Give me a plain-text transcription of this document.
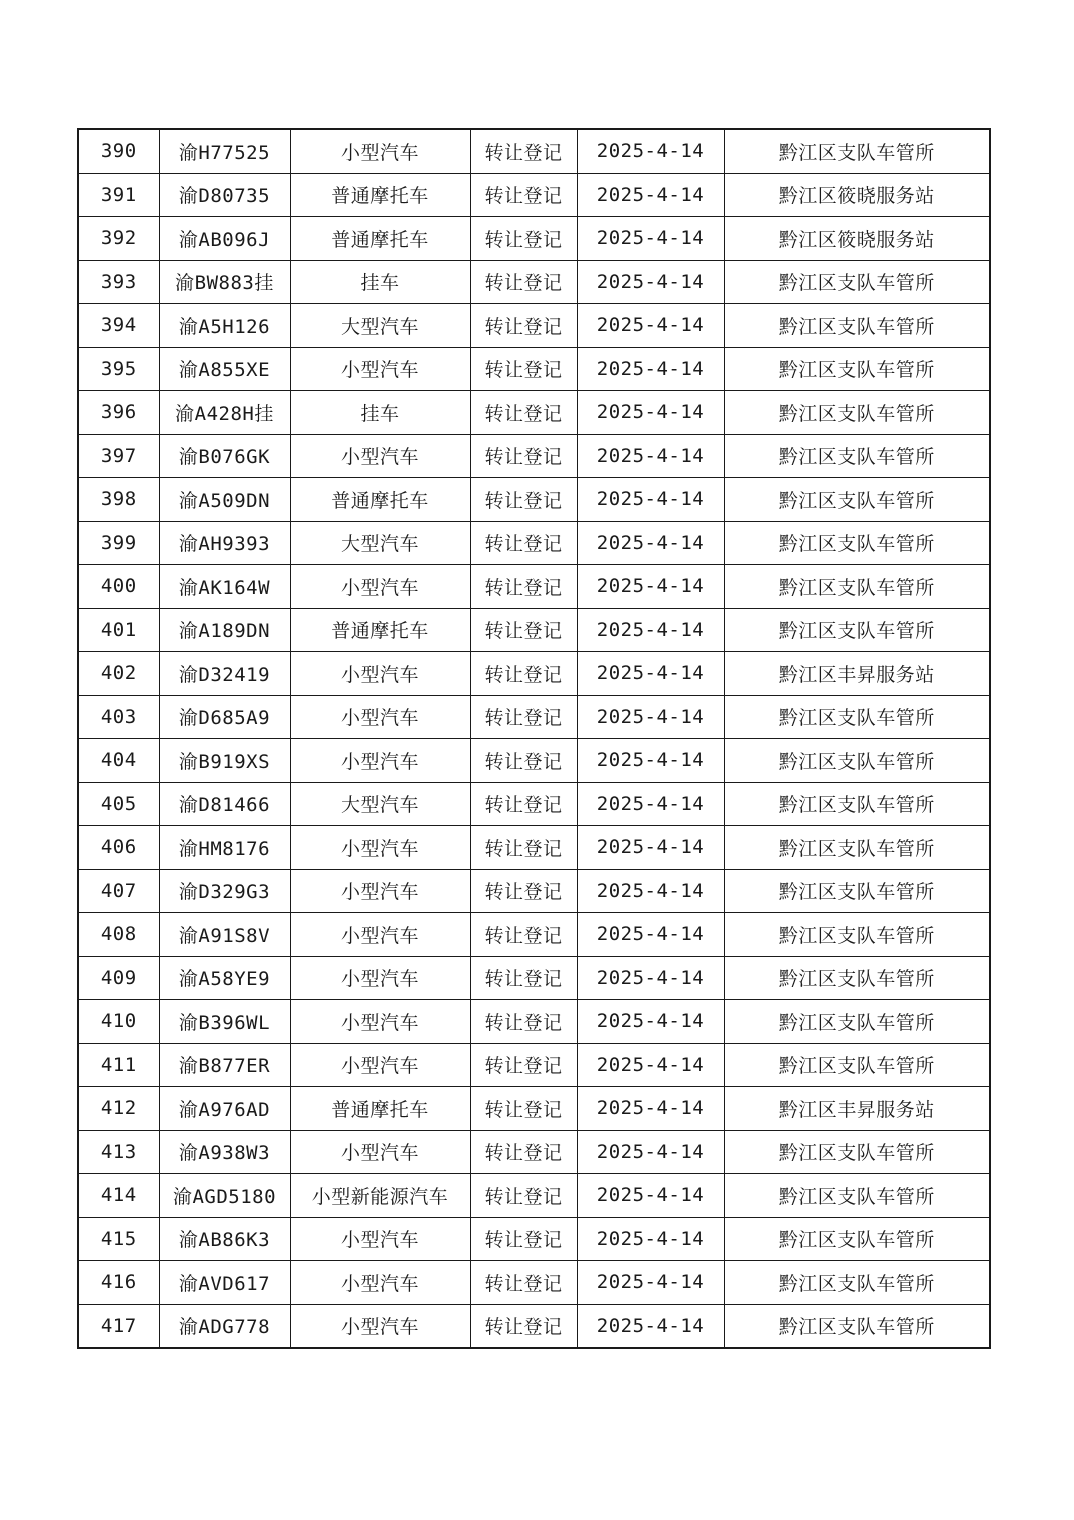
390	渝H77525	小型汽车	转让登记	2025-4-14	黔江区支队车管所
391	渝D80735	普通摩托车	转让登记	2025-4-14	黔江区筱晓服务站
392	渝AB096J	普通摩托车	转让登记	2025-4-14	黔江区筱晓服务站
393	渝BW883挂	挂车	转让登记	2025-4-14	黔江区支队车管所
394	渝A5H126	大型汽车	转让登记	2025-4-14	黔江区支队车管所
395	渝A855XE	小型汽车	转让登记	2025-4-14	黔江区支队车管所
396	渝A428H挂	挂车	转让登记	2025-4-14	黔江区支队车管所
397	渝B076GK	小型汽车	转让登记	2025-4-14	黔江区支队车管所
398	渝A509DN	普通摩托车	转让登记	2025-4-14	黔江区支队车管所
399	渝AH9393	大型汽车	转让登记	2025-4-14	黔江区支队车管所
400	渝AK164W	小型汽车	转让登记	2025-4-14	黔江区支队车管所
401	渝A189DN	普通摩托车	转让登记	2025-4-14	黔江区支队车管所
402	渝D32419	小型汽车	转让登记	2025-4-14	黔江区丰昇服务站
403	渝D685A9	小型汽车	转让登记	2025-4-14	黔江区支队车管所
404	渝B919XS	小型汽车	转让登记	2025-4-14	黔江区支队车管所
405	渝D81466	大型汽车	转让登记	2025-4-14	黔江区支队车管所
406	渝HM8176	小型汽车	转让登记	2025-4-14	黔江区支队车管所
407	渝D329G3	小型汽车	转让登记	2025-4-14	黔江区支队车管所
408	渝A91S8V	小型汽车	转让登记	2025-4-14	黔江区支队车管所
409	渝A58YE9	小型汽车	转让登记	2025-4-14	黔江区支队车管所
410	渝B396WL	小型汽车	转让登记	2025-4-14	黔江区支队车管所
411	渝B877ER	小型汽车	转让登记	2025-4-14	黔江区支队车管所
412	渝A976AD	普通摩托车	转让登记	2025-4-14	黔江区丰昇服务站
413	渝A938W3	小型汽车	转让登记	2025-4-14	黔江区支队车管所
414	渝AGD5180	小型新能源汽车	转让登记	2025-4-14	黔江区支队车管所
415	渝AB86K3	小型汽车	转让登记	2025-4-14	黔江区支队车管所
416	渝AVD617	小型汽车	转让登记	2025-4-14	黔江区支队车管所
417	渝ADG778	小型汽车	转让登记	2025-4-14	黔江区支队车管所
